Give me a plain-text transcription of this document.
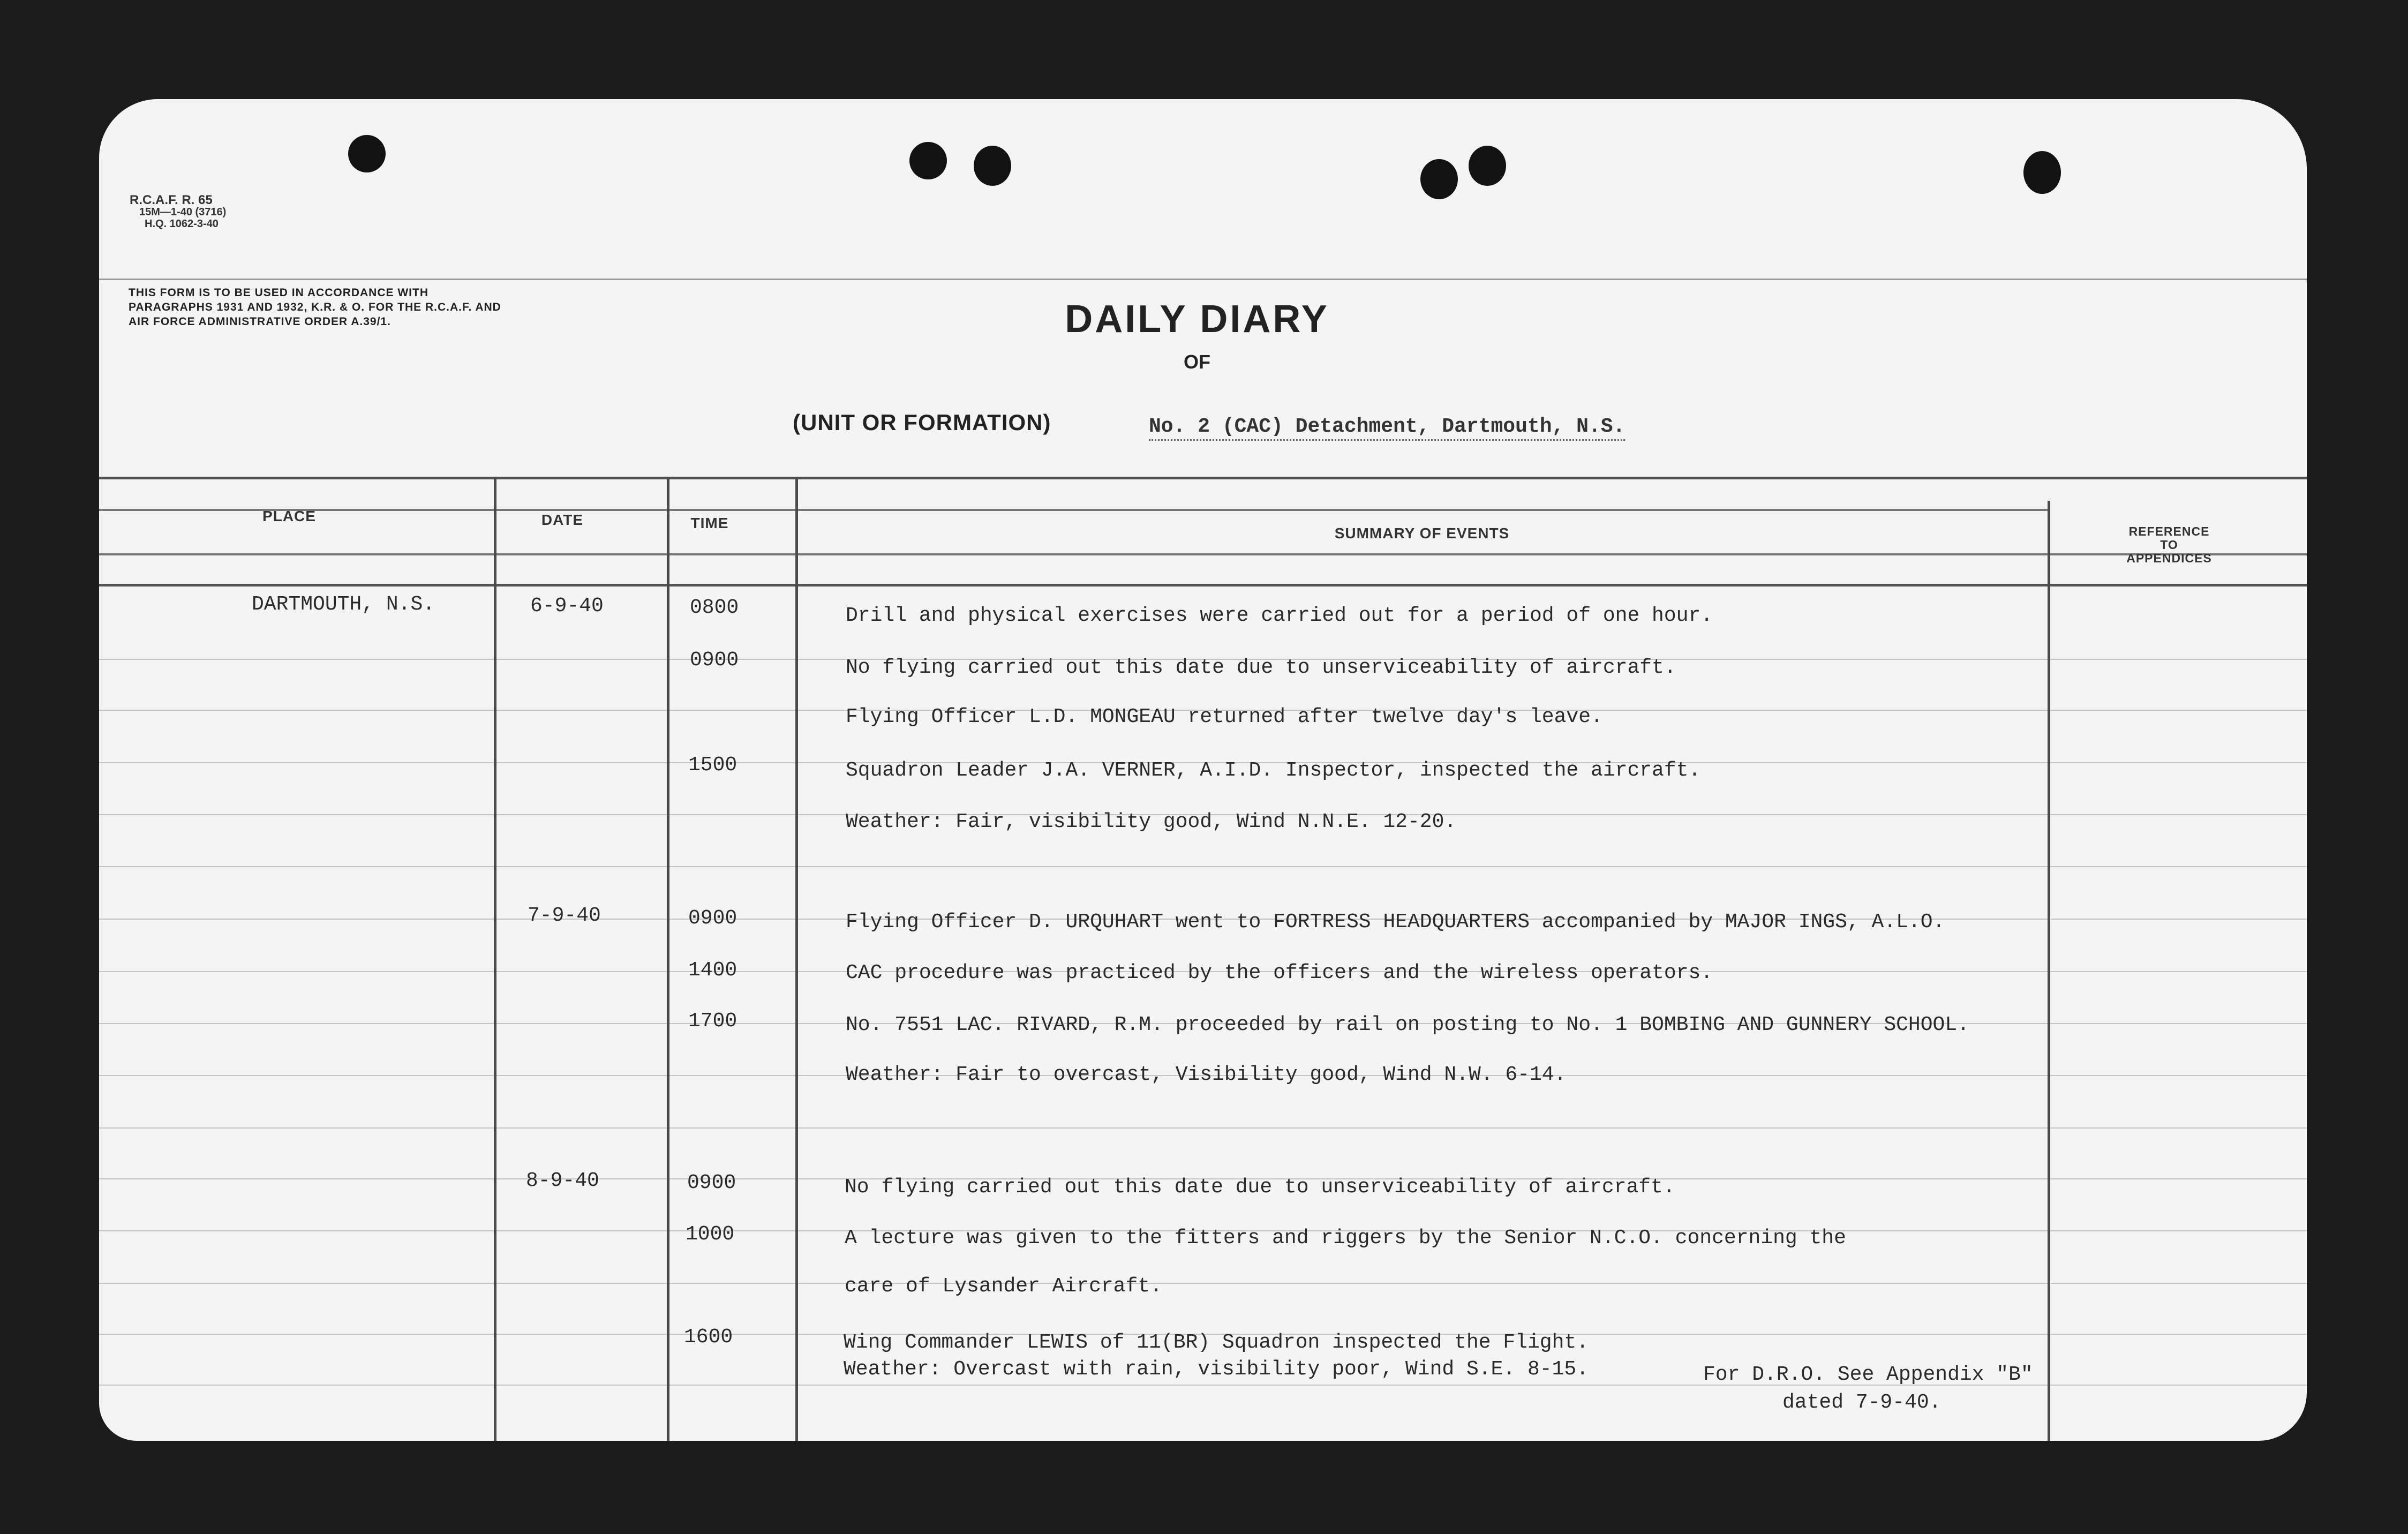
R.C.A.F. R. 65
15M—1-40 (3716)
H.Q. 1062-3-40
THIS FORM IS TO BE USED IN ACCORDANCE WITH PARAGRAPHS 1931 AND 1932, K.R. & O. FOR THE R.C.A.F. AND AIR FORCE ADMINISTRATIVE ORDER A.39/1.	DAILY DIARY
OF
(UNIT OR FORMATION)	No. 2 (CAC) Detachment, Dartmouth, N.S.
PLACE	DATE	TIME
SUMMARY OF EVENTS	REFERENCE
TO
APPENDICES
DARTMOUTH, N.S.	6-9-40	0800	Drill and physical exercises were carried out for a period of one hour.
0900	No flying carried out this date due to unserviceability of aircraft.
Flying Officer L.D. MONGEAU returned after twelve day's leave.
1500	Squadron Leader J.A. VERNER, A.I.D. Inspector, inspected the aircraft.
Weather: Fair, visibility good, Wind N.N.E. 12-20.
7-9-40	0900	Flying Officer D. URQUHART went to FORTRESS HEADQUARTERS accompanied by MAJOR INGS, A.L.O.
1400	CAC procedure was practiced by the officers and the wireless operators.
1700	No. 7551 LAC. RIVARD, R.M. proceeded by rail on posting to No. 1 BOMBING AND GUNNERY SCHOOL.
Weather: Fair to overcast, Visibility good, Wind N.W. 6-14.
8-9-40	0900	No flying carried out this date due to unserviceability of aircraft.
1000	A lecture was given to the fitters and riggers by the Senior N.C.O. concerning the
care of Lysander Aircraft.
1600	Wing Commander LEWIS of 11(BR) Squadron inspected the Flight.
Weather: Overcast with rain, visibility poor, Wind S.E. 8-15.	For D.R.O. See Appendix "B"
dated 7-9-40.
